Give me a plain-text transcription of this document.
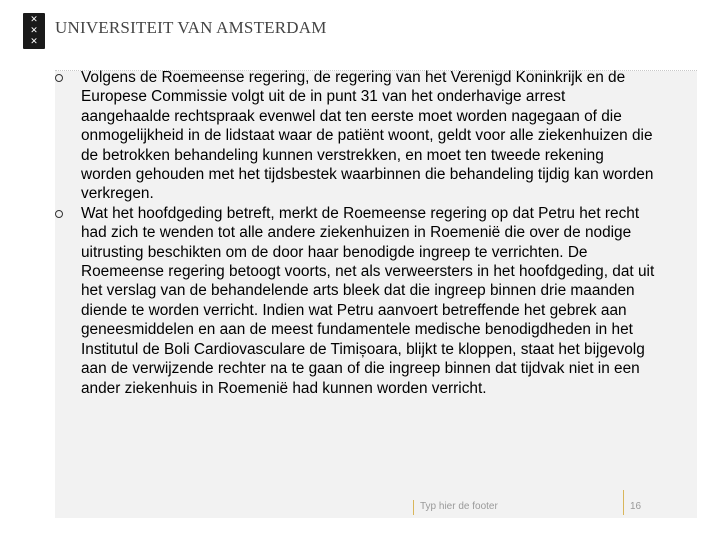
✕
✕
✕
UNIVERSITEIT VAN AMSTERDAM
Volgens de Roemeense regering, de regering van het Verenigd Koninkrijk en de Europese Commissie volgt uit de in punt 31 van het onderhavige arrest aangehaalde rechtspraak evenwel dat ten eerste moet worden nagegaan of die onmogelijkheid in de lidstaat waar de patiënt woont, geldt voor alle ziekenhuizen die de betrokken behandeling kunnen verstrekken, en moet ten tweede rekening worden gehouden met het tijdsbestek waarbinnen die behandeling tijdig kan worden verkregen.
Wat het hoofdgeding betreft, merkt de Roemeense regering op dat Petru het recht had zich te wenden tot alle andere ziekenhuizen in Roemenië die over de nodige uitrusting beschikten om de door haar benodigde ingreep te verrichten. De Roemeense regering betoogt voorts, net als verweersters in het hoofdgeding, dat uit het verslag van de behandelende arts bleek dat die ingreep binnen drie maanden diende te worden verricht. Indien wat Petru aanvoert betreffende het gebrek aan geneesmiddelen en aan de meest fundamentele medische benodigdheden in het Institutul de Boli Cardiovasculare de Timișoara, blijkt te kloppen, staat het bijgevolg aan de verwijzende rechter na te gaan of die ingreep binnen dat tijdvak niet in een ander ziekenhuis in Roemenië had kunnen worden verricht.
Typ hier de footer	16
